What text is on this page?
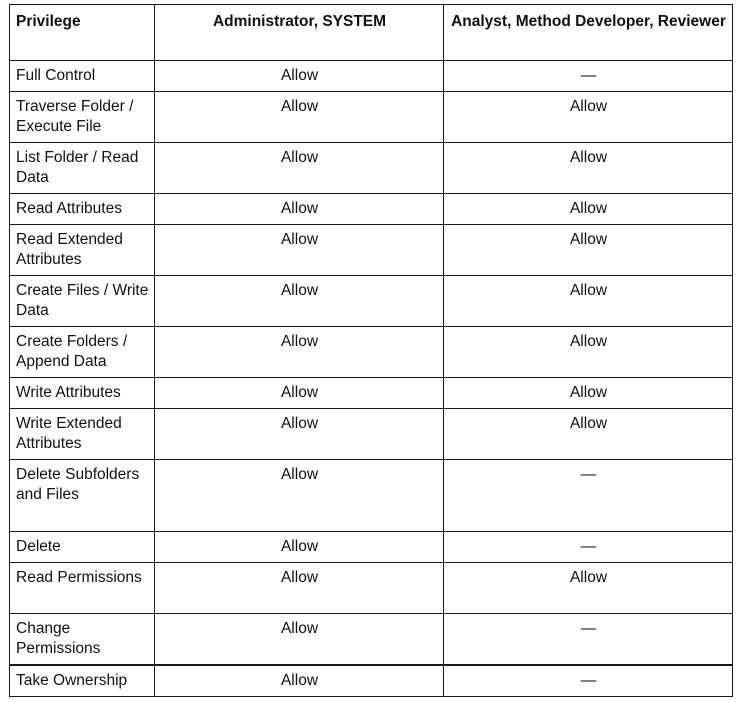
Privilege	Administrator, SYSTEM	Analyst, Method Developer, Reviewer
Full Control	Allow	—
Traverse Folder / Execute File	Allow	Allow
List Folder / Read Data	Allow	Allow
Read Attributes	Allow	Allow
Read Extended Attributes	Allow	Allow
Create Files / Write Data	Allow	Allow
Create Folders / Append Data	Allow	Allow
Write Attributes	Allow	Allow
Write Extended Attributes	Allow	Allow
Delete Subfolders and Files	Allow	—
Delete	Allow	—
Read Permissions	Allow	Allow
Change Permissions	Allow	—
Take Ownership	Allow	—
